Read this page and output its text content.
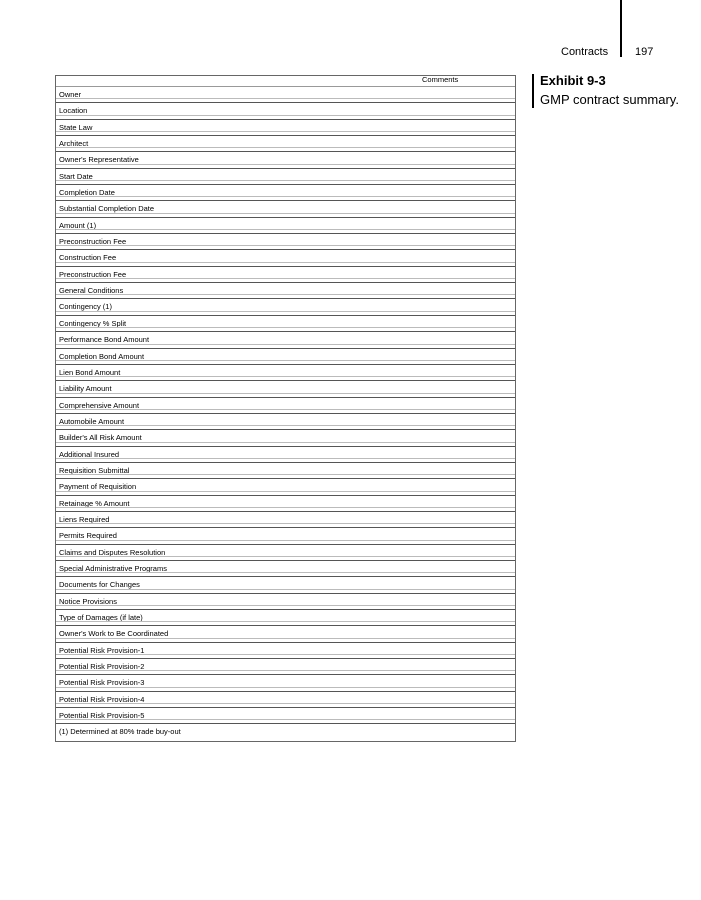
Contracts 197
Exhibit 9-3
GMP contract summary.
Comments
Owner
Location
State Law
Architect
Owner's Representative
Start Date
Completion Date
Substantial Completion Date
Amount (1)
Preconstruction Fee
Construction Fee
Preconstruction Fee
General Conditions
Contingency (1)
Contingency % Split
Performance Bond Amount
Completion Bond Amount
Lien Bond Amount
Liability Amount
Comprehensive Amount
Automobile Amount
Builder's All Risk Amount
Additional Insured
Requisition Submittal
Payment of Requisition
Retainage % Amount
Liens Required
Permits Required
Claims and Disputes Resolution
Special Administrative Programs
Documents for Changes
Notice Provisions
Type of Damages (if late)
Owner's Work to Be Coordinated
Potential Risk Provision-1
Potential Risk Provision-2
Potential Risk Provision-3
Potential Risk Provision-4
Potential Risk Provision-5
(1) Determined at 80% trade buy-out
